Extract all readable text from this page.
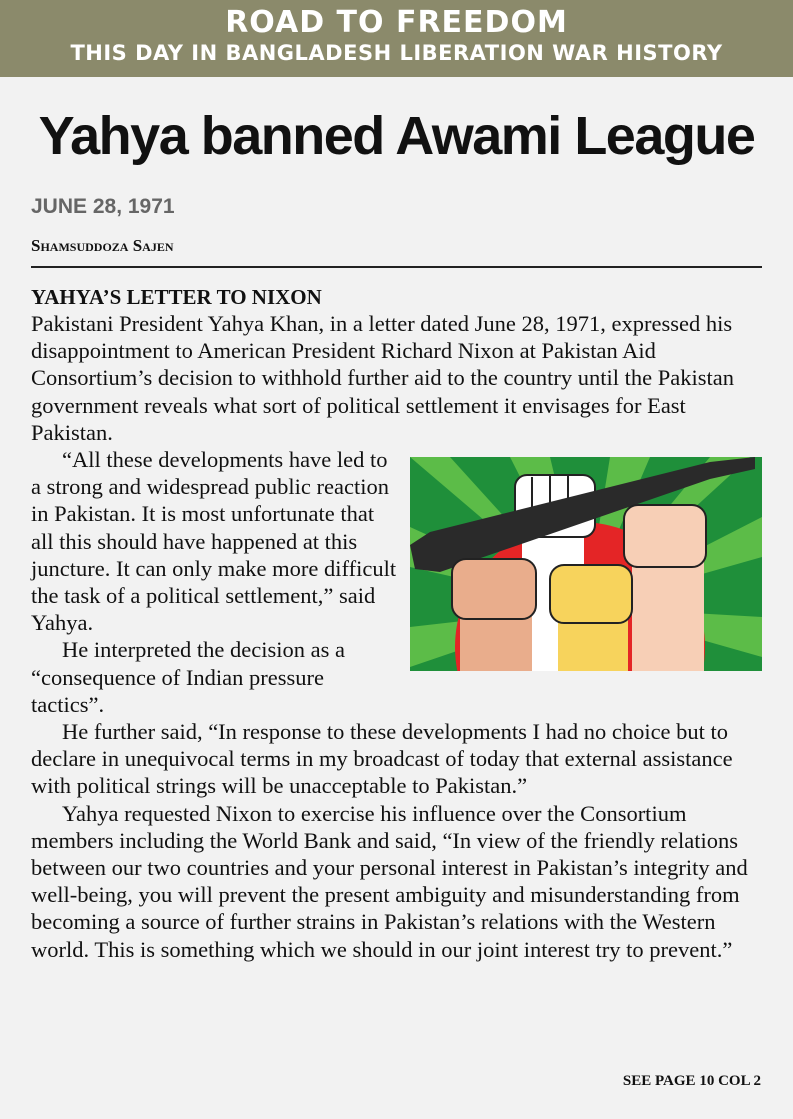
ROAD TO FREEDOM
THIS DAY IN BANGLADESH LIBERATION WAR HISTORY
Yahya banned Awami League
JUNE 28, 1971
Shamsuddoza Sajen
YAHYA’S LETTER TO NIXON

Pakistani President Yahya Khan, in a letter dated June 28, 1971, expressed his disappointment to American President Richard Nixon at Pakistan Aid Consortium’s decision to withhold further aid to the country until the Pakistan government reveals what sort of political settlement it envisages for East Pakistan.

“All these developments have led to a strong and widespread public reaction in Pakistan. It is most unfortunate that all this should have happened at this juncture. It can only make more difficult the task of a political settlement,” said Yahya.

He interpreted the decision as a “consequence of Indian pressure tactics”.

He further said, “In response to these developments I had no choice but to declare in unequivocal terms in my broadcast of today that external assistance with political strings will be unacceptable to Pakistan.”

Yahya requested Nixon to exercise his influence over the Consortium members including the World Bank and said, “In view of the friendly relations between our two countries and your personal interest in Pakistan’s integrity and well-being, you will prevent the present ambiguity and misunderstanding from becoming a source of further strains in Pakistan’s relations with the Western world. This is something which we should in our joint interest try to prevent.”

SEE PAGE 10 COL 2
